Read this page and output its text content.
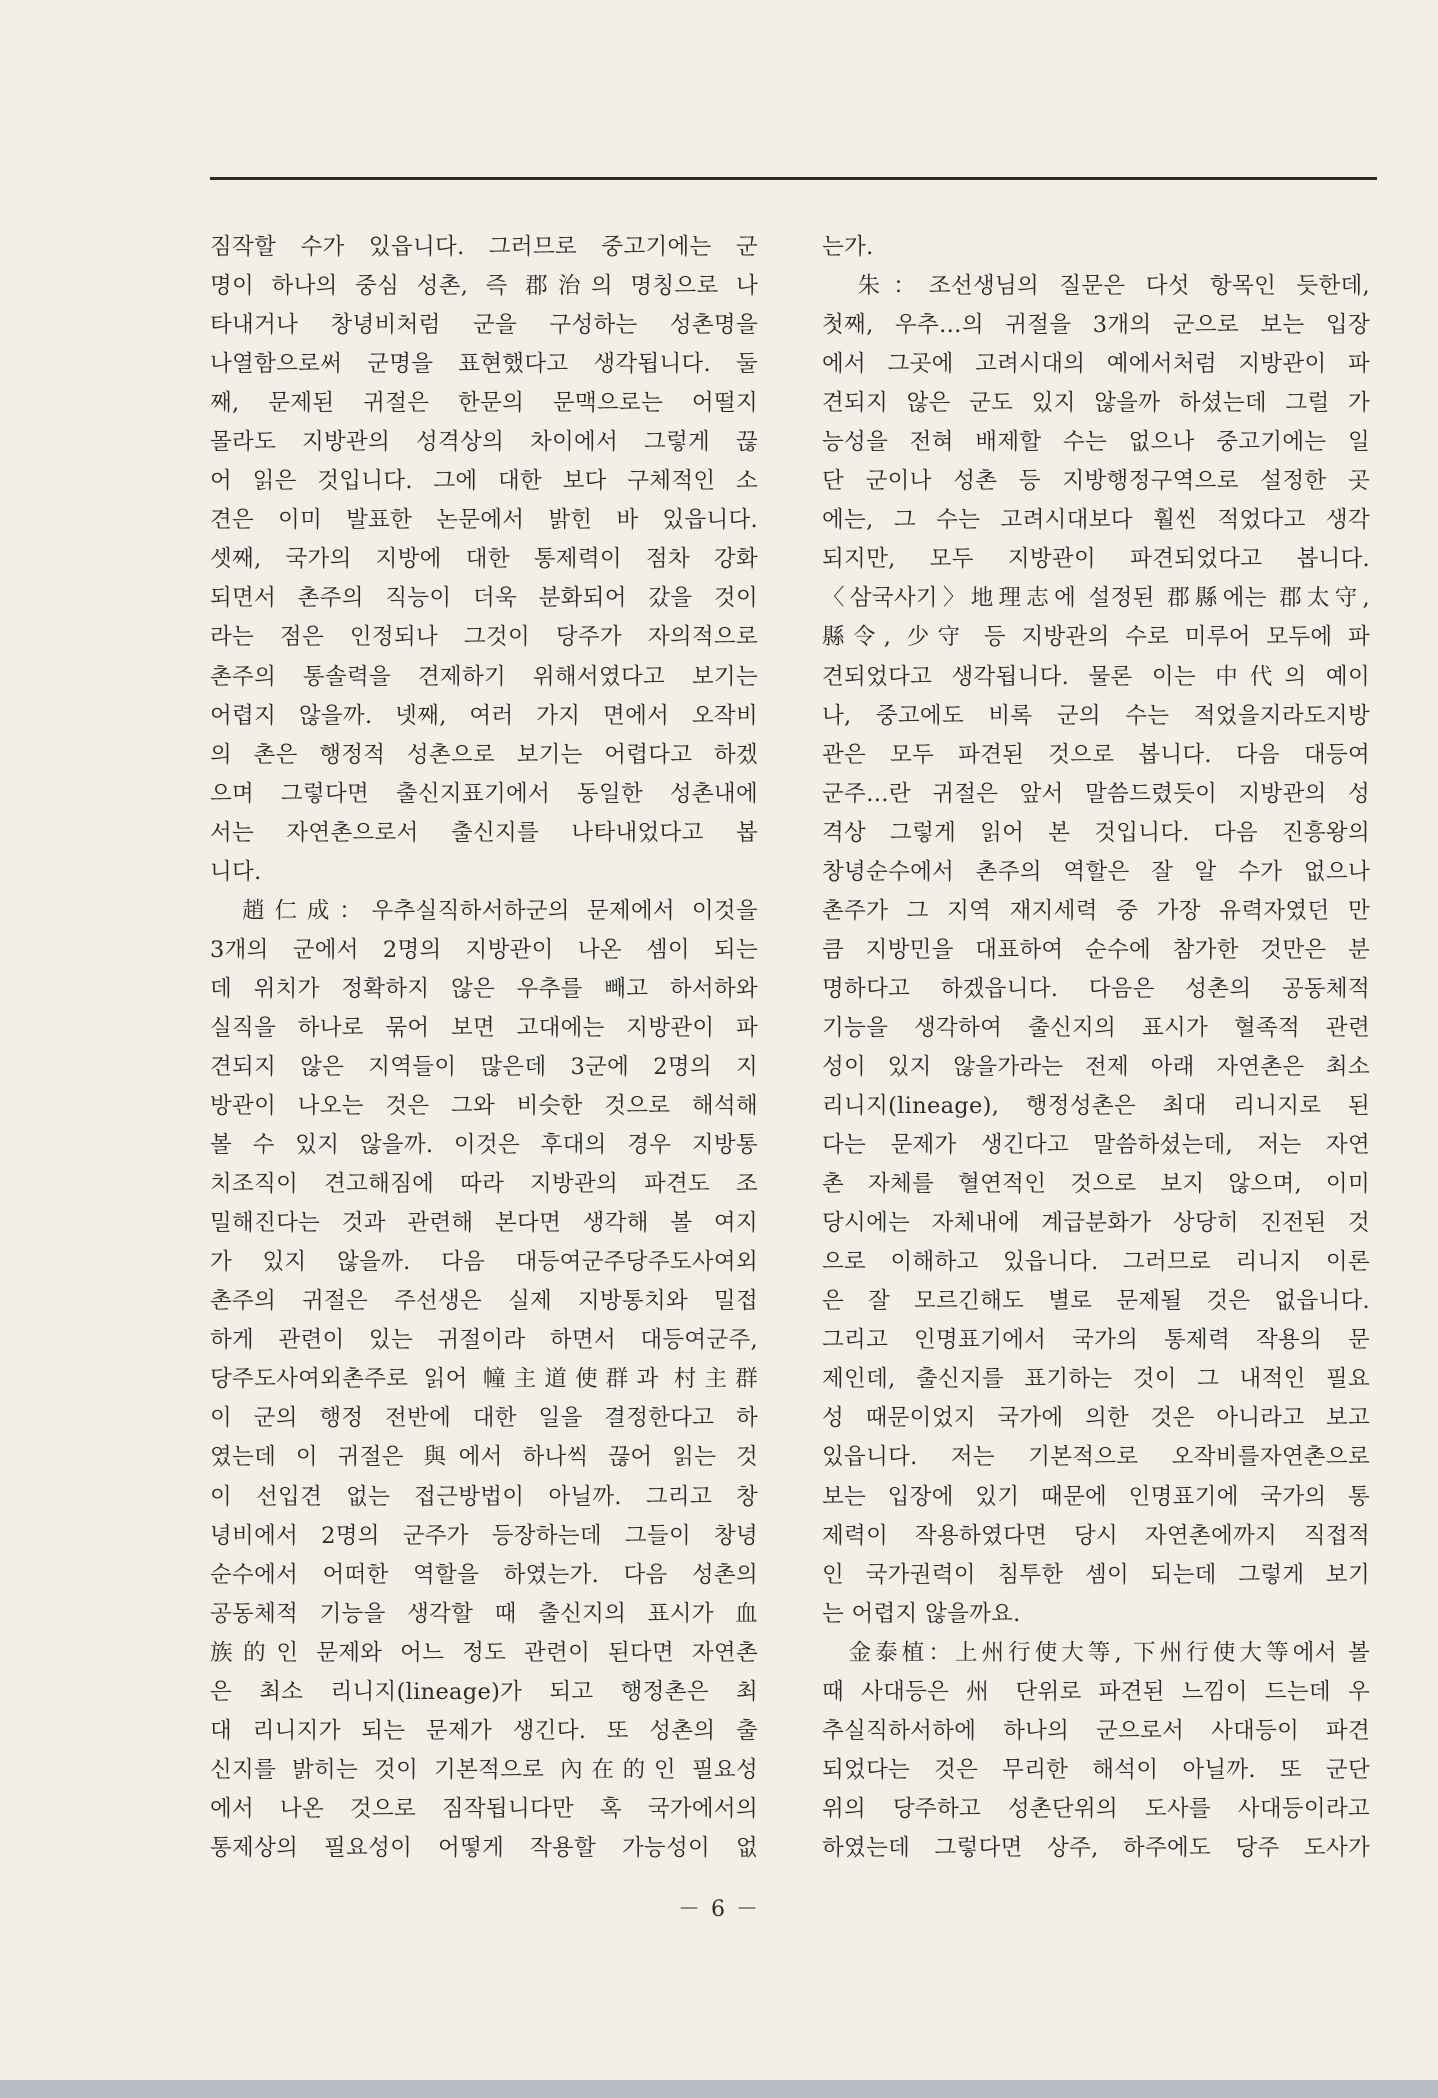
짐작할 수가 있읍니다. 그러므로 중고기에는 군
명이 하나의 중심 성촌, 즉 郡治의 명칭으로 나
타내거나 창녕비처럼 군을 구성하는 성촌명을
나열함으로써 군명을 표현했다고 생각됩니다. 둘
째, 문제된 귀절은 한문의 문맥으로는 어떨지
몰라도 지방관의 성격상의 차이에서 그렇게 끊
어 읽은 것입니다. 그에 대한 보다 구체적인 소
견은 이미 발표한 논문에서 밝힌 바 있읍니다.
셋째, 국가의 지방에 대한 통제력이 점차 강화
되면서 촌주의 직능이 더욱 분화되어 갔을 것이
라는 점은 인정되나 그것이 당주가 자의적으로
촌주의 통솔력을 견제하기 위해서였다고 보기는
어렵지 않을까. 넷째, 여러 가지 면에서 오작비
의 촌은 행정적 성촌으로 보기는 어렵다고 하겠
으며 그렇다면 출신지표기에서 동일한 성촌내에
서는 자연촌으로서 출신지를 나타내었다고 봅
니다.
　趙仁成：우추실직하서하군의 문제에서 이것을
3개의 군에서 2명의 지방관이 나온 셈이 되는
데 위치가 정확하지 않은 우추를 빼고 하서하와
실직을 하나로 묶어 보면 고대에는 지방관이 파
견되지 않은 지역들이 많은데 3군에 2명의 지
방관이 나오는 것은 그와 비슷한 것으로 해석해
볼 수 있지 않을까. 이것은 후대의 경우 지방통
치조직이 견고해짐에 따라 지방관의 파견도 조
밀해진다는 것과 관련해 본다면 생각해 볼 여지
가 있지 않을까. 다음 대등여군주당주도사여외
촌주의 귀절은 주선생은 실제 지방통치와 밀접
하게 관련이 있는 귀절이라 하면서 대등여군주,
당주도사여외촌주로 읽어 幢主道使群과 村主群
이 군의 행정 전반에 대한 일을 결정한다고 하
였는데 이 귀절은 與에서 하나씩 끊어 읽는 것
이 선입견 없는 접근방법이 아닐까. 그리고 창
녕비에서 2명의 군주가 등장하는데 그들이 창녕
순수에서 어떠한 역할을 하였는가. 다음 성촌의
공동체적 기능을 생각할 때 출신지의 표시가 血
族的인 문제와 어느 정도 관련이 된다면 자연촌
은 최소 리니지(lineage)가 되고 행정촌은 최
대 리니지가 되는 문제가 생긴다. 또 성촌의 출
신지를 밝히는 것이 기본적으로 內在的인 필요성
에서 나온 것으로 짐작됩니다만 혹 국가에서의
통제상의 필요성이 어떻게 작용할 가능성이 없
는가.
　朱：조선생님의 질문은 다섯 항목인 듯한데,
첫째, 우추…의 귀절을 3개의 군으로 보는 입장
에서 그곳에 고려시대의 예에서처럼 지방관이 파
견되지 않은 군도 있지 않을까 하셨는데 그럴 가
능성을 전혀 배제할 수는 없으나 중고기에는 일
단 군이나 성촌 등 지방행정구역으로 설정한 곳
에는, 그 수는 고려시대보다 훨씬 적었다고 생각
되지만, 모두 지방관이 파견되었다고 봅니다.
〈삼국사기〉地理志에 설정된 郡縣에는 郡太守,
縣令, 少守 등 지방관의 수로 미루어 모두에 파
견되었다고 생각됩니다. 물론 이는 中代의 예이
나, 중고에도 비록 군의 수는 적었을지라도지방
관은 모두 파견된 것으로 봅니다. 다음 대등여
군주…란 귀절은 앞서 말씀드렸듯이 지방관의 성
격상 그렇게 읽어 본 것입니다. 다음 진흥왕의
창녕순수에서 촌주의 역할은 잘 알 수가 없으나
촌주가 그 지역 재지세력 중 가장 유력자였던 만
큼 지방민을 대표하여 순수에 참가한 것만은 분
명하다고 하겠읍니다. 다음은 성촌의 공동체적
기능을 생각하여 출신지의 표시가 혈족적 관련
성이 있지 않을가라는 전제 아래 자연촌은 최소
리니지(lineage), 행정성촌은 최대 리니지로 된
다는 문제가 생긴다고 말씀하셨는데, 저는 자연
촌 자체를 혈연적인 것으로 보지 않으며, 이미
당시에는 자체내에 계급분화가 상당히 진전된 것
으로 이해하고 있읍니다. 그러므로 리니지 이론
은 잘 모르긴해도 별로 문제될 것은 없읍니다.
그리고 인명표기에서 국가의 통제력 작용의 문
제인데, 출신지를 표기하는 것이 그 내적인 필요
성 때문이었지 국가에 의한 것은 아니라고 보고
있읍니다. 저는 기본적으로 오작비를자연촌으로
보는 입장에 있기 때문에 인명표기에 국가의 통
제력이 작용하였다면 당시 자연촌에까지 직접적
인 국가권력이 침투한 셈이 되는데 그렇게 보기
는 어렵지 않을까요.
　金泰植：上州行使大等, 下州行使大等에서 볼
때 사대등은 州 단위로 파견된 느낌이 드는데 우
추실직하서하에 하나의 군으로서 사대등이 파견
되었다는 것은 무리한 해석이 아닐까. 또 군단
위의 당주하고 성촌단위의 도사를 사대등이라고
하였는데 그렇다면 상주, 하주에도 당주 도사가
－ 6 －
